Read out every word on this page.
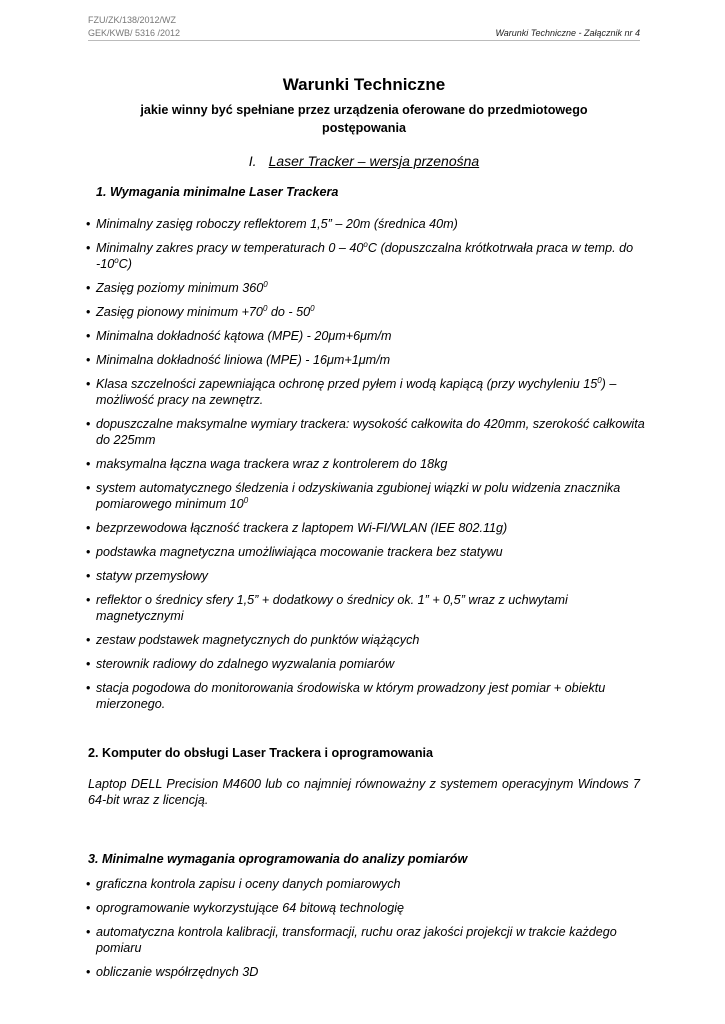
FZU/ZK/138/2012/WZ
GEK/KWB/ 5316 /2012	Warunki Techniczne - Załącznik nr 4
Warunki Techniczne
jakie winny być spełniane przez urządzenia oferowane do przedmiotowego postępowania
I. Laser Tracker – wersja przenośna
1. Wymagania minimalne Laser Trackera
• Minimalny zasięg roboczy reflektorem 1,5” – 20m (średnica 40m)
• Minimalny zakres pracy w temperaturach 0 – 40$^o$C (dopuszczalna krótkotrwała praca w temp. do -10$^o$C)
• Zasięg poziomy minimum $360^0$
• Zasięg pionowy minimum $+70^0$ do - $50^0$
• Minimalna dokładność kątowa (MPE) - 20μm+6μm/m
• Minimalna dokładność liniowa (MPE) - 16μm+1μm/m
• Klasa szczelności zapewniająca ochronę przed pyłem i wodą kapiącą (przy wychyleniu $15^0$) – możliwość pracy na zewnętrz.
• dopuszczalne maksymalne wymiary trackera: wysokość całkowita do 420mm, szerokość całkowita do 225mm
• maksymalna łączna waga trackera wraz z kontrolerem do 18kg
• system automatycznego śledzenia i odzyskiwania zgubionej wiązki w polu widzenia znacznika pomiarowego minimum $10^0$
• bezprzewodowa łączność trackera z laptopem Wi-FI/WLAN (IEE 802.11g)
• podstawka magnetyczna umożliwiająca mocowanie trackera bez statywu
• statyw przemysłowy
• reflektor o średnicy sfery 1,5” + dodatkowy o średnicy ok. 1” + 0,5” wraz z uchwytami magnetycznymi
• zestaw podstawek magnetycznych do punktów wiążących
• sterownik radiowy do zdalnego wyzwalania pomiarów
• stacja pogodowa do monitorowania środowiska w którym prowadzony jest pomiar + obiektu mierzonego.
2. Komputer do obsługi Laser Trackera i oprogramowania
Laptop DELL Precision M4600 lub co najmniej równoważny z systemem operacyjnym Windows 7 64-bit wraz z licencją.
3. Minimalne wymagania oprogramowania do analizy pomiarów
• graficzna kontrola zapisu i oceny danych pomiarowych
• oprogramowanie wykorzystujące 64 bitową technologię
• automatyczna kontrola kalibracji, transformacji, ruchu oraz jakości projekcji w trakcie każdego pomiaru
• obliczanie współrzędnych 3D
